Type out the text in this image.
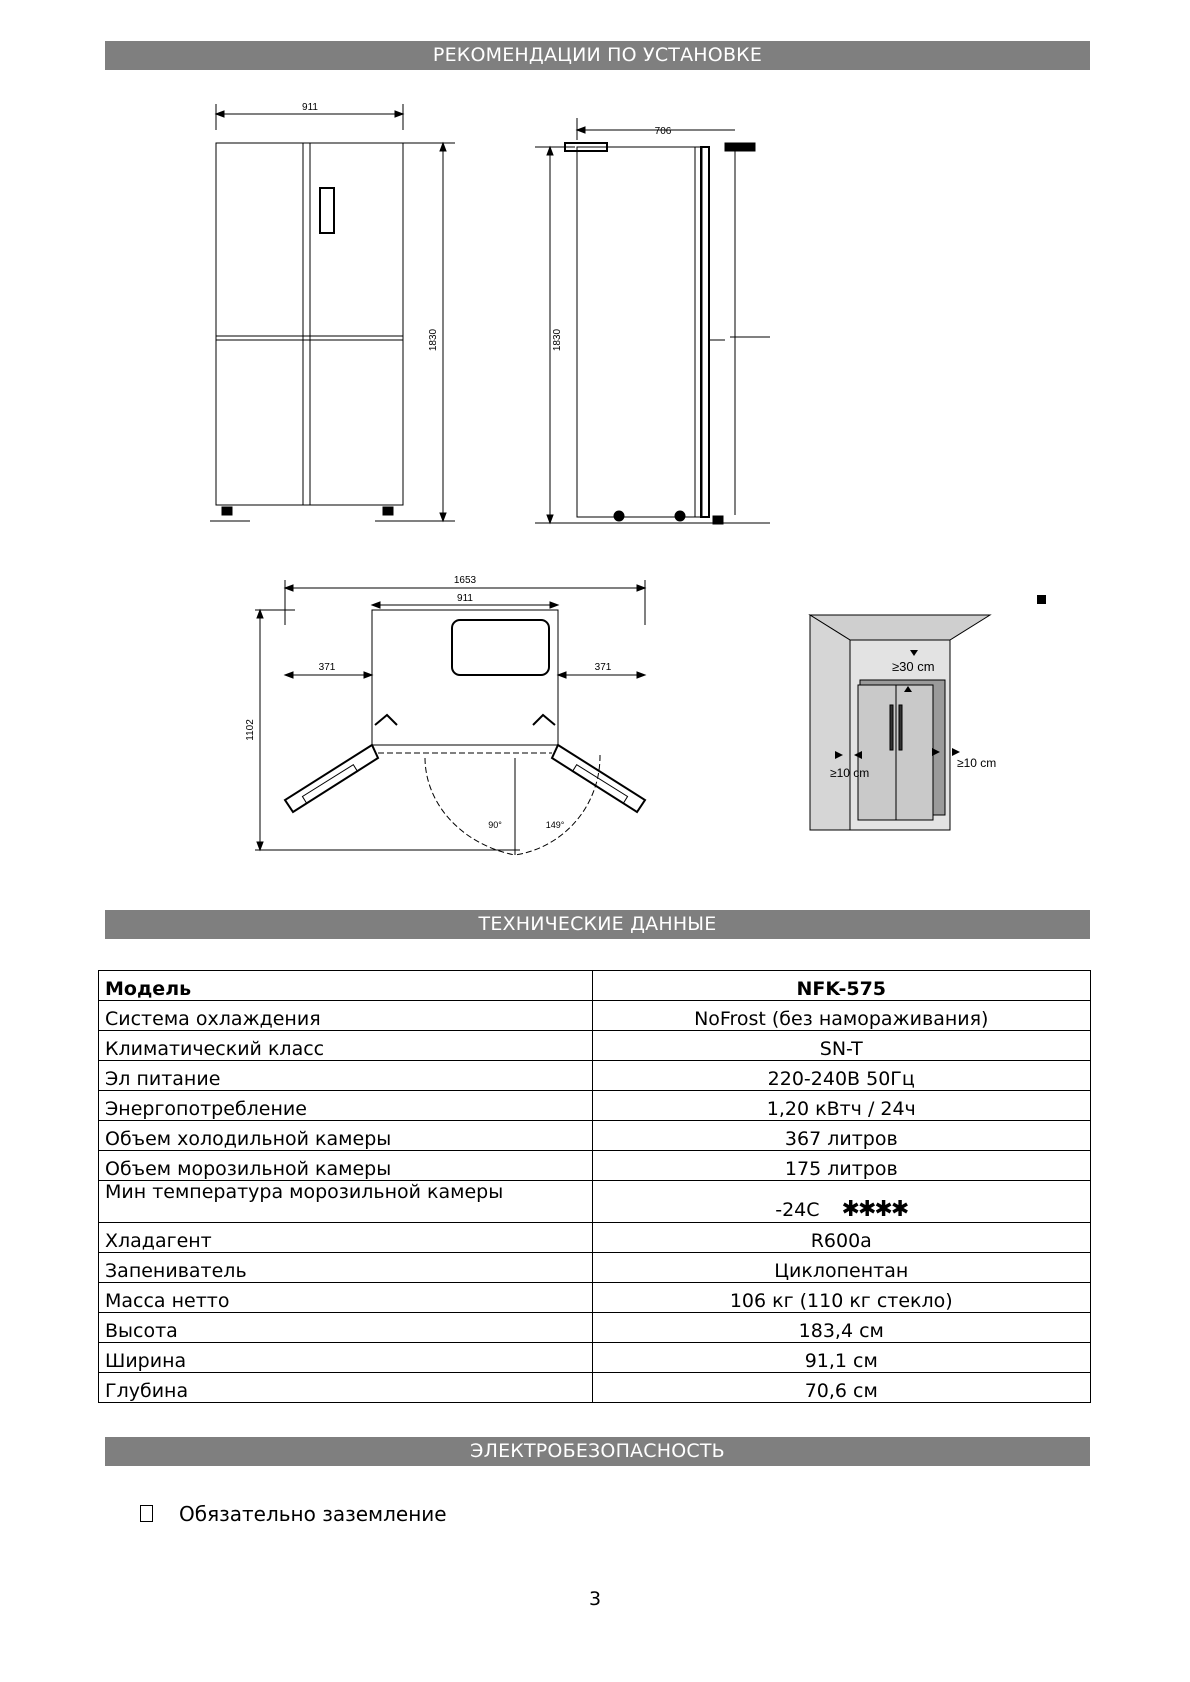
РЕКОМЕНДАЦИИ ПО УСТАНОВКЕ
911
1830
706
1830
1653
911
371	371
1102
90°	149°
≥30 cm
≥10 cm
≥10 cm
ТЕХНИЧЕСКИЕ ДАННЫЕ
Модель	NFK-575
Система охлаждения	NoFrost (без намораживания)
Климатический класс	SN-T
Эл питание	220-240В 50Гц
Энергопотребление	1,20 кВтч / 24ч
Объем холодильной камеры	367 литров
Объем морозильной камеры	175 литров
Мин температура морозильной камеры	-24С ✱✱✱✱
Хладагент	R600a
Запениватель	Циклопентан
Масса нетто	106 кг (110 кг стекло)
Высота	183,4 см
Ширина	91,1 см
Глубина	70,6 см
ЭЛЕКТРОБЕЗОПАСНОСТЬ
Обязательно заземление
3
